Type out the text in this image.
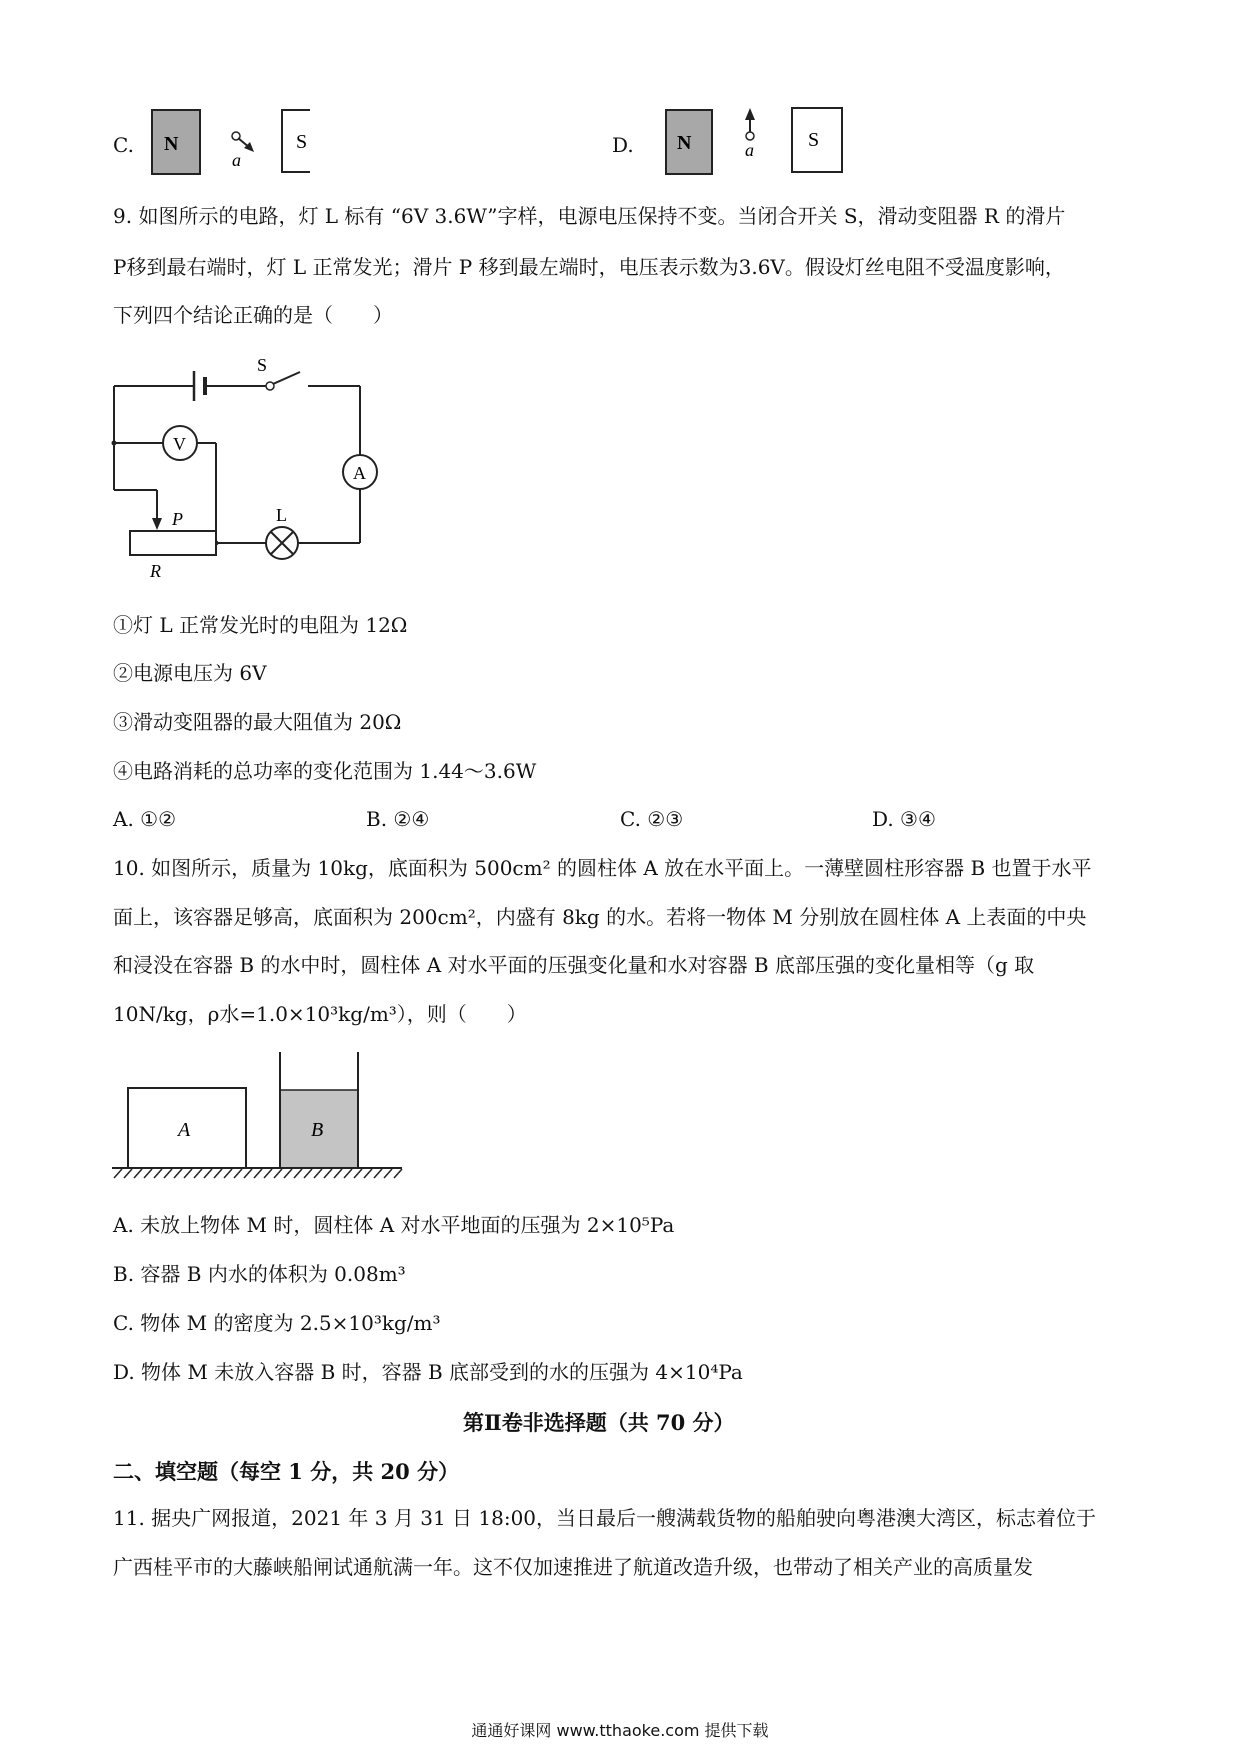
C. N
a
S	D. N	a	S
9. 如图所示的电路，灯 L 标有 “6V 3.6W”字样，电源电压保持不变。当闭合开关 S，滑动变阻器 R 的滑片
P移到最右端时，灯 L 正常发光；滑片 P 移到最左端时，电压表示数为3.6V。假设灯丝电阻不受温度影响，
下列四个结论正确的是（　　）
S
A
L
R
P
V
①灯 L 正常发光时的电阻为 12Ω
②电源电压为 6V
③滑动变阻器的最大阻值为 20Ω
④电路消耗的总功率的变化范围为 1.44～3.6W
A. ①②	B. ②④	C. ②③	D. ③④
10. 如图所示，质量为 10kg，底面积为 500cm² 的圆柱体 A 放在水平面上。一薄壁圆柱形容器 B 也置于水平
面上，该容器足够高，底面积为 200cm²，内盛有 8kg 的水。若将一物体 M 分别放在圆柱体 A 上表面的中央
和浸没在容器 B 的水中时，圆柱体 A 对水平面的压强变化量和水对容器 B 底部压强的变化量相等（g 取
10N/kg，ρ水=1.0×10³kg/m³），则（　　）
A	B
A. 未放上物体 M 时，圆柱体 A 对水平地面的压强为 2×10⁵Pa
B. 容器 B 内水的体积为 0.08m³
C. 物体 M 的密度为 2.5×10³kg/m³
D. 物体 M 未放入容器 B 时，容器 B 底部受到的水的压强为 4×10⁴Pa
第Ⅱ卷非选择题（共 70 分）
二、填空题（每空 1 分，共 20 分）
11. 据央广网报道，2021 年 3 月 31 日 18:00，当日最后一艘满载货物的船舶驶向粤港澳大湾区，标志着位于
广西桂平市的大藤峡船闸试通航满一年。这不仅加速推进了航道改造升级，也带动了相关产业的高质量发
通通好课网 www.tthaoke.com 提供下载
